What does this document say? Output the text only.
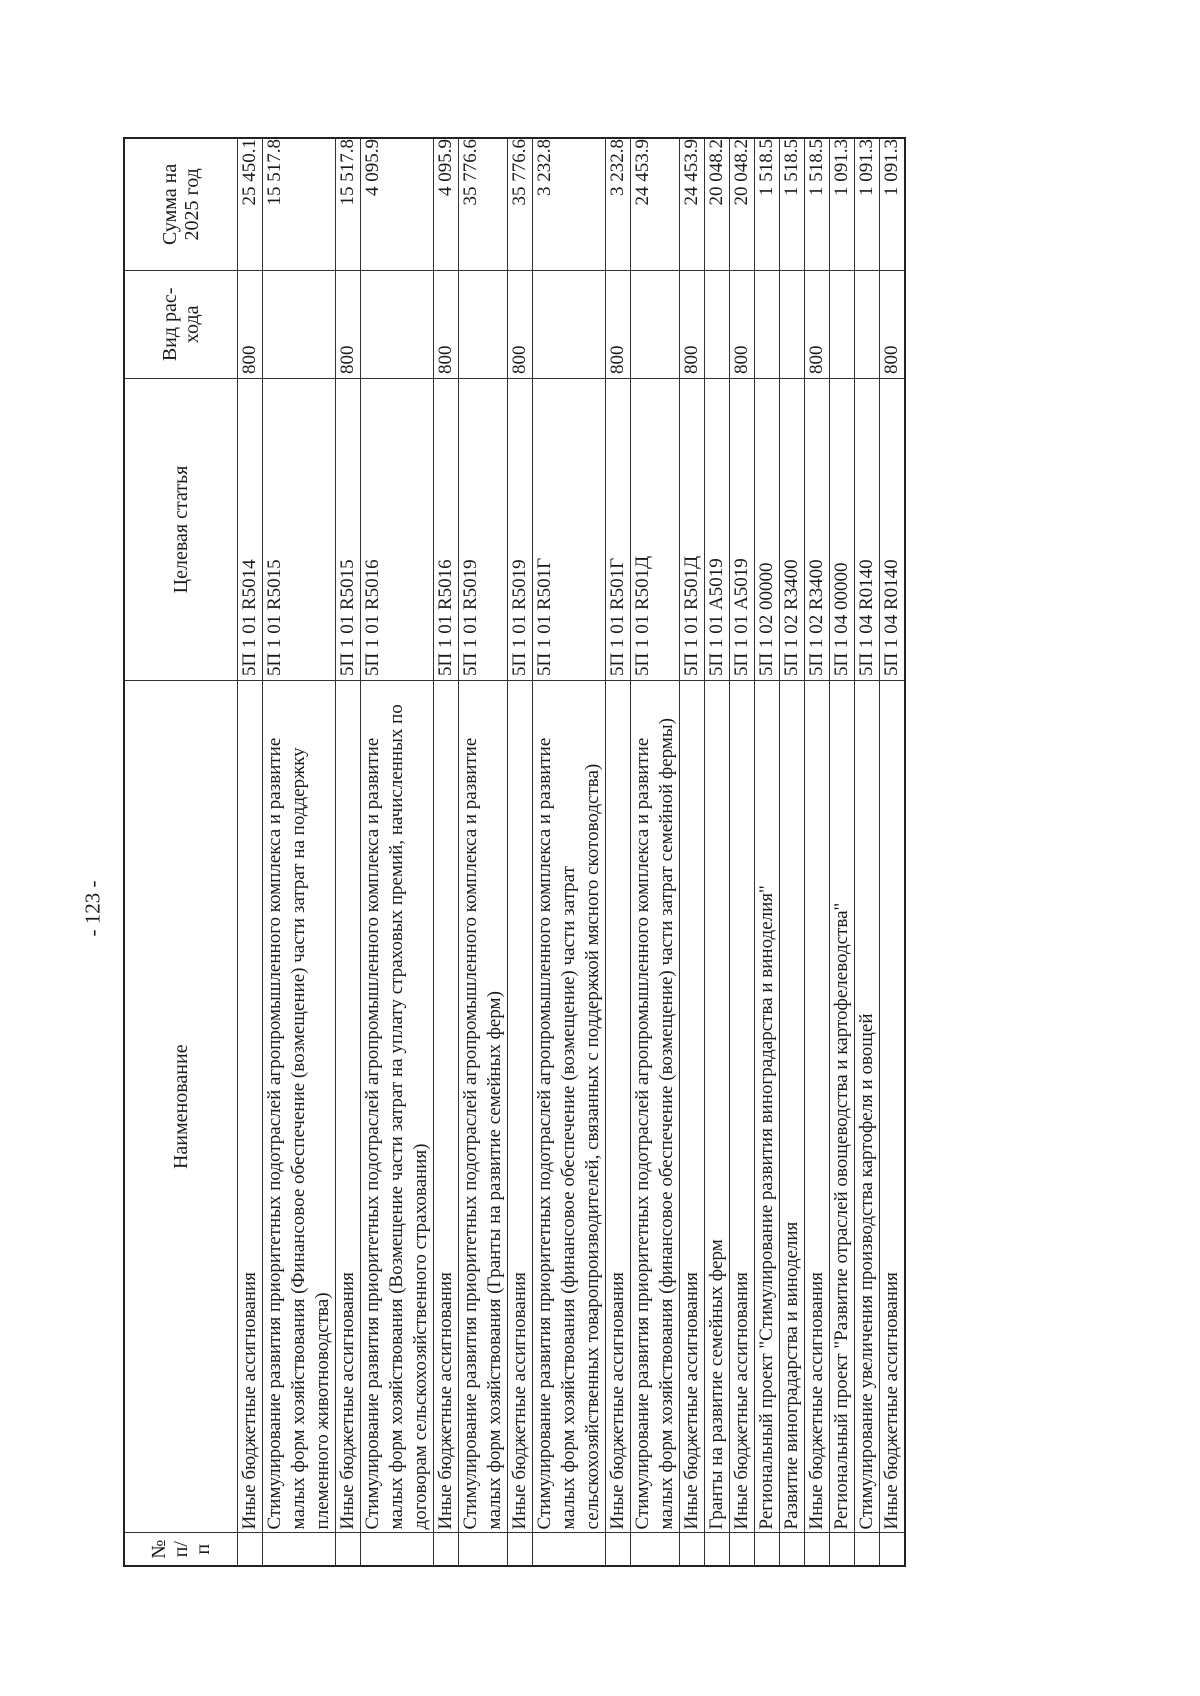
- 123 -
№ п/п	Наименование	Целевая статья	Вид рас- хода	Сумма на 2025 год
	Иные бюджетные ассигнования	5П 1 01 R5014	800	25 450.1
	Стимулирование развития приоритетных подотраслей агропромышленного комплекса и развитие малых форм хозяйствования (Финансовое обеспечение (возмещение) части затрат на поддержку племенного животноводства)	5П 1 01 R5015		15 517.8
	Иные бюджетные ассигнования	5П 1 01 R5015	800	15 517.8
	Стимулирование развития приоритетных подотраслей агропромышленного комплекса и развитие малых форм хозяйствования (Возмещение части затрат на уплату страховых премий, начисленных по договорам сельскохозяйственного страхования)	5П 1 01 R5016		4 095.9
	Иные бюджетные ассигнования	5П 1 01 R5016	800	4 095.9
	Стимулирование развития приоритетных подотраслей агропромышленного комплекса и развитие малых форм хозяйствования (Гранты на развитие семейных ферм)	5П 1 01 R5019		35 776.6
	Иные бюджетные ассигнования	5П 1 01 R5019	800	35 776.6
	Стимулирование развития приоритетных подотраслей агропромышленного комплекса и развитие малых форм хозяйствования (финансовое обеспечение (возмещение) части затрат сельскохозяйственных товаропроизводителей, связанных с поддержкой мясного скотоводства)	5П 1 01 R501Г		3 232.8
	Иные бюджетные ассигнования	5П 1 01 R501Г	800	3 232.8
	Стимулирование развития приоритетных подотраслей агропромышленного комплекса и развитие малых форм хозяйствования (финансовое обеспечение (возмещение) части затрат семейной фермы)	5П 1 01 R501Д		24 453.9
	Иные бюджетные ассигнования	5П 1 01 R501Д	800	24 453.9
	Гранты на развитие семейных ферм	5П 1 01 А5019		20 048.2
	Иные бюджетные ассигнования	5П 1 01 А5019	800	20 048.2
	Региональный проект "Стимулирование развития виноградарства и виноделия"	5П 1 02 00000		1 518.5
	Развитие виноградарства и виноделия	5П 1 02 R3400		1 518.5
	Иные бюджетные ассигнования	5П 1 02 R3400	800	1 518.5
	Региональный проект "Развитие отраслей овощеводства и картофелеводства"	5П 1 04 00000		1 091.3
	Стимулирование увеличения производства картофеля и овощей	5П 1 04 R0140		1 091.3
	Иные бюджетные ассигнования	5П 1 04 R0140	800	1 091.3
